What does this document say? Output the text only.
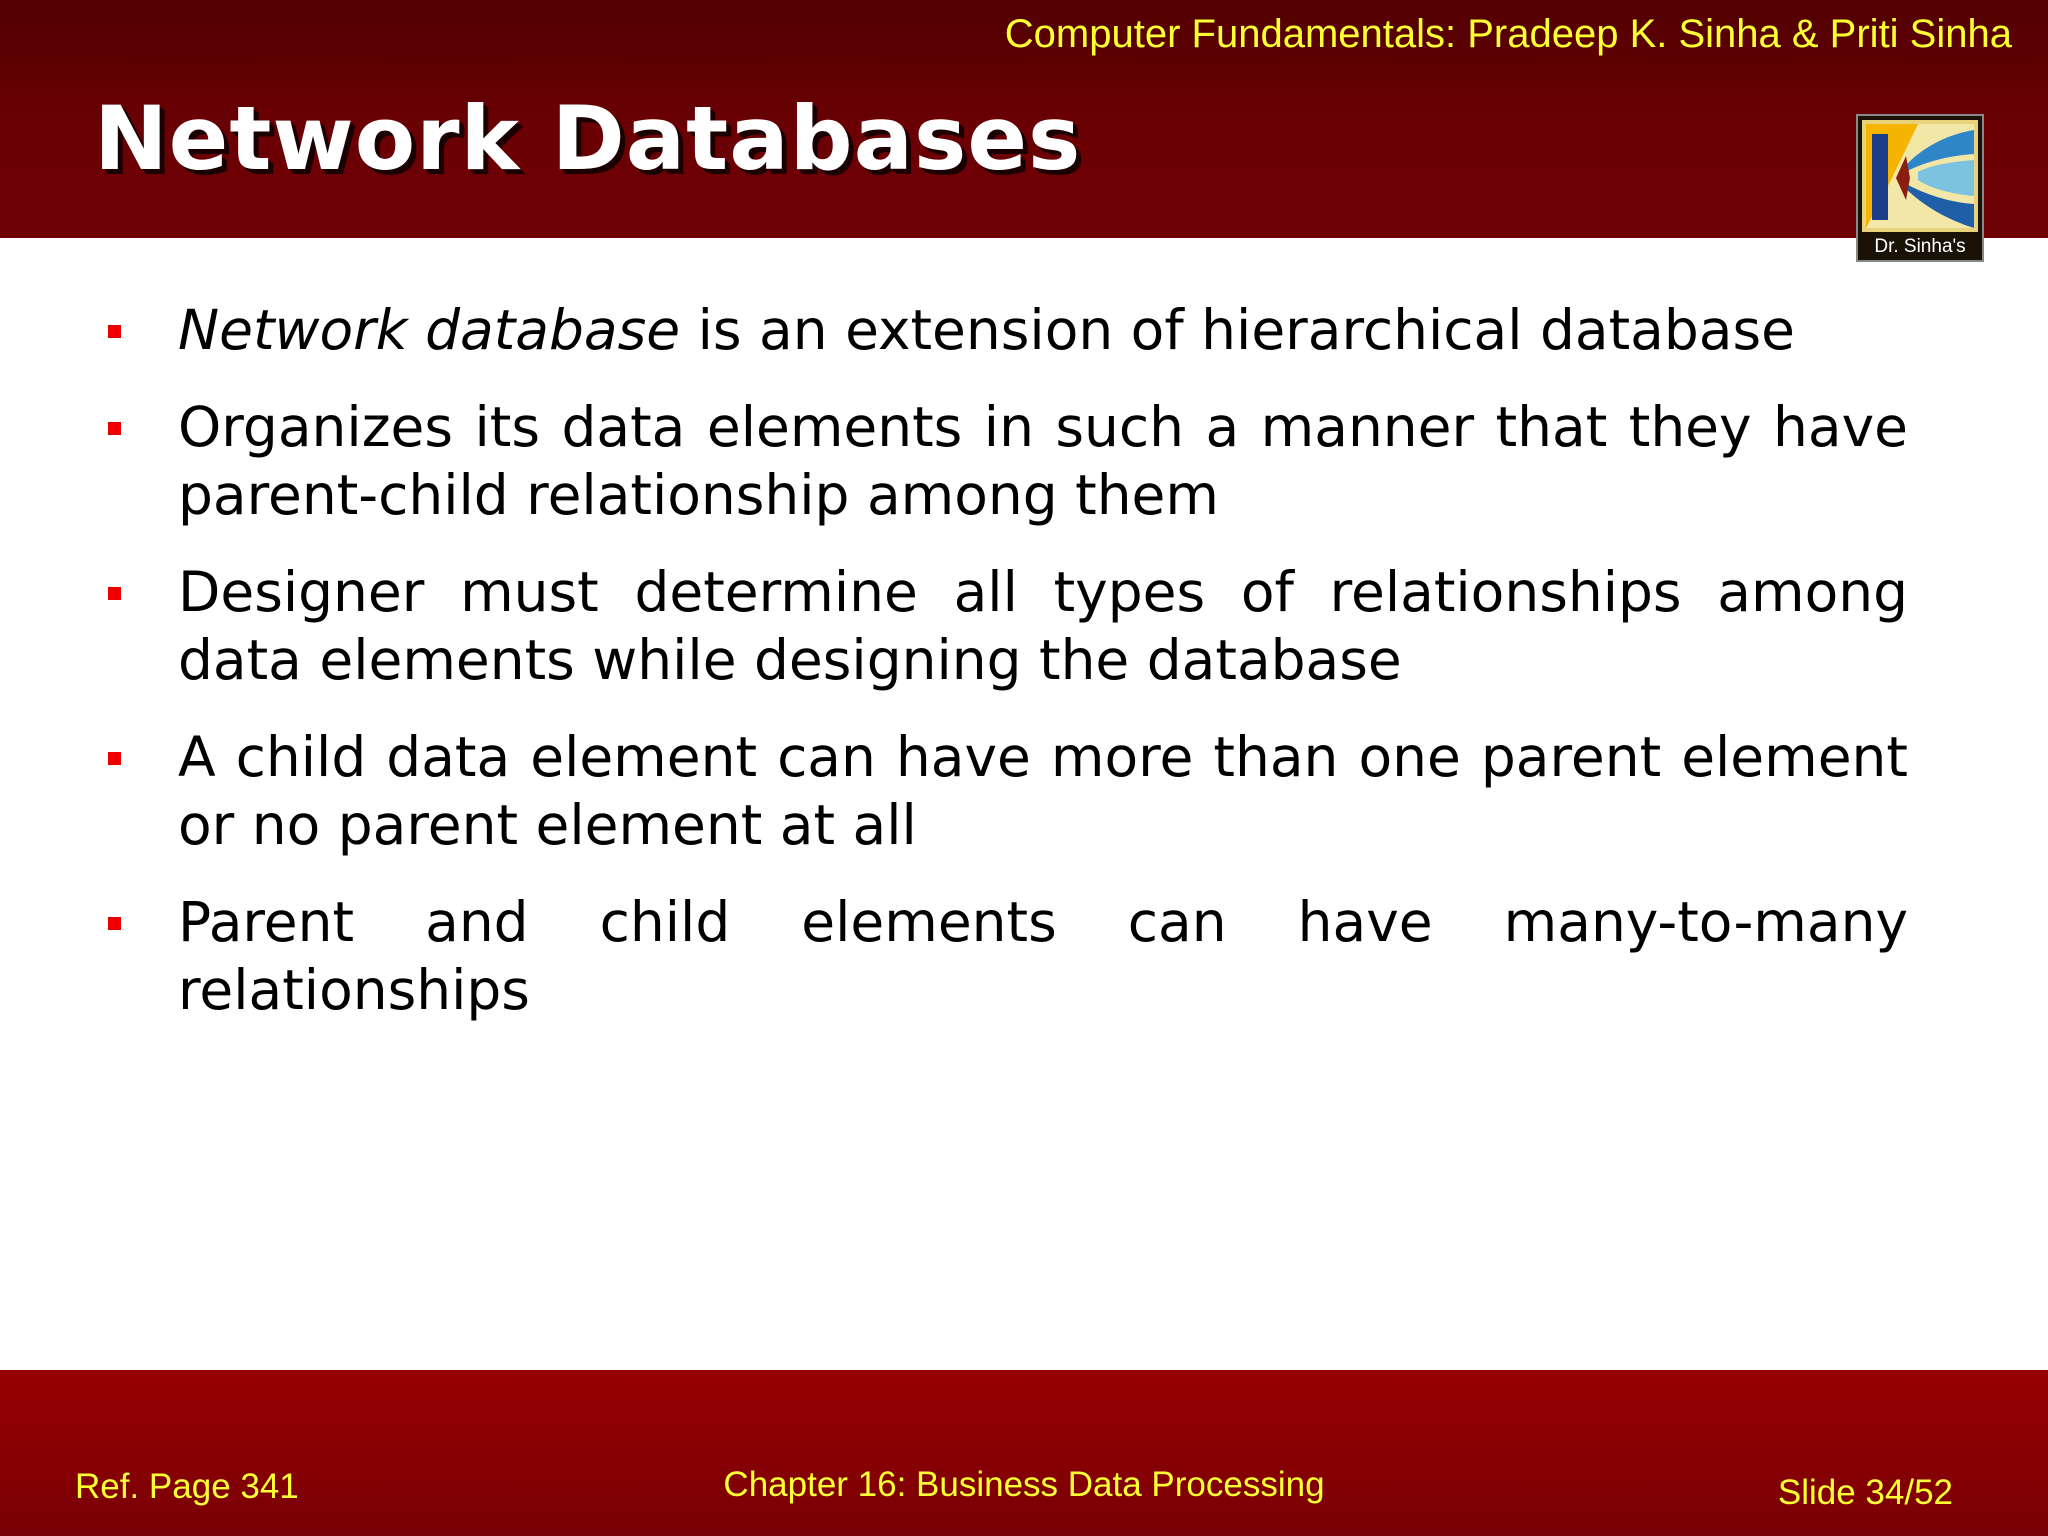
Computer Fundamentals: Pradeep K. Sinha & Priti Sinha
Network Databases
Dr. Sinha's
Network database is an extension of hierarchical database
Organizes its data elements in such a manner that they have parent-child relationship among them
Designer must determine all types of relationships among data elements while designing the database
A child data element can have more than one parent element or no parent element at all
Parent and child elements can have many-to-many relationships
Ref. Page 341	Chapter 16: Business Data Processing	Slide 34/52
